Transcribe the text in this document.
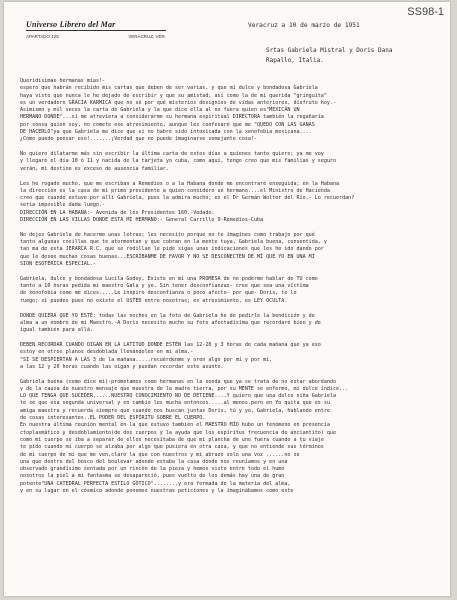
SS98-1
Universo Librero del Mar
APARTADO 125	VERACRUZ, VER.
Veracruz a 10 de marzo de 1951
Srtas Gabriela Mistral y Doris Dana
Rapallo, Italia.
Queridísimas hermanas mías!-
espero que habrán recibido mis cartas que deben de ser varias, y que mi dulce y bondadosa Gabriela
haya visto que nunca le he dejado de escribir y que su amistad, así como la de mi querida "gringuita"
es un verdadero GRACIA KARMICA que no sé por qué misterios designios de vidas anteriores, disfruto hoy.-
Asimismo y mil veces la carta de Gabriela y la que dice ella al no fuera quien es"MEXICAN UN
HERMANO DONDE"...si me atreviera a considerarme su hermana espiritual DIRECTORA también la regañaría
por sonsa quien soy, no comete ese atrevimiento, aunque les confesaré que me "QUEDO CON LAS GANAS
DE HACERLO"ya que Gabriela me dice que si no habré sido intoxicada con la xenofobia mexicana....
¿Cómo puede pensar eso!.......¡Verdad que no puede imaginarse semejante cosa!-
No quiero dilatarme más sin escribir la última carta de estos días a quienes tanto quiero; ya me voy
y llegaré el día 10 ó 11 y nacida de la tarjeta yo cuba, como aquí, tengo creo que mis familias y seguro
verán, mi destino es exceso de ausencia familiar.
Les he rogado mucho, que me escriban a Remedios o a la Habana donde me encontraré enseguida; en la Habana
la dirección es la casa de mi primo presidente a quien considero un hermano....el Ministro de Hacienda
creo que cuando estuve por allí Gabriela, pues la admira mucho; es el Dr Germán Wolter del Río.- Lo recuerdan?
sería imposible dada luego.-
DIRECCIÓN EN LA HABANA:- Avenida de los Presidentes 160.-Vedado.
DIRECCIÓN EN LAS VILLAS DONDE ESTA MI HERMANO:- General Carrillo 9-Remedios-Cuba
No dejes Gabriela de hacerme unas letras; les necesito porque no te imagines como trabajo por qué
tanto algunas cosillas que te atormentan y que cobran en la mente tuya, Gabriela buena, consentida, y
tan ma de esta JERARCA R.C. que se rodillan le pide sigas unas indicaciones que les he ido dando por
que le desee muchas cosas buenas...ESCRÍBANME DE FAVOR Y NO SE DESCONECTEN DE MÍ QUE YO EN UNA MÍ
SION ESOTÉRICA ESPECIAL.-
Gabriela, dulce y bondadosa Lucila Godoy, Existe en mí una PROMESA de no poderme hablar de TU como
tanto a 10 horas pedida mi maestro Gala y yo. Sin tener desconfianzas- cree que sea una víctima
de xenofobia como me dices.....Le inspiro desconfianza o poco afecto- por qué- Doris, te lo
ruego; si puedes pues no existe el USTED entre nosotras; es atrevimiento, es LEY OCULTA.
DONDE QUIERA QUE YO ESTÉ: todas las noches en la foto de Gabriela he de pedirle la bendición y de
alma a un nombre de mi Maestro.-A Doris necesito mucho su foto afectadísima que recordaré bien y de
igual también para allá.
DEBEN RECORDAR CUANDO OIGAN EN LA LATITUD DONDE ESTÉN las 12-20 y 3 horas de cada mañana que ya eso
estoy en otros planos desdoblada llenándoles en mi alma.-
"SI SE DESPIERTAN A LAS 3 de la mañana.....recuérdenme y oren algo por mí y por mí,
a las 12 y 20 horas cuando las oigan y puedan recordar este asunto.
Gabriela buena (como dice mi)-prometamos como hermanas en la senda que ya se trata de no estar abordando
y de la causa de nuestro mensaje que muestra de la madre tierra, por su MENTE se enfermó, mi dulce índice...
LO QUE TENGA QUE SUCEDER......NUESTRO CONOCIMIENTO NO DE DETIENE....Y quiero que una dulce niña Gabriela
te sé que esa segunda universal y en cambio les mucha entonces.....al menos.pero en Yo quita que es su
amiga maestra y recuerda siempre que cuando nos buscan juntas Doris, tú y yo, Gabriela, hablando entre
de cosas interesantes..EL PODER DEL ESPÍRITU SOBRE EL CUERPO.
En nuestra última reunión mental en la que estuvo también el MAESTRO MÍO hubo un fenómeno en presencia
ctoplasmático y desdoblamiento(de dos cuerpos y la ayuda que los espíritus frecuencia de anciantito) que
como mi cuerpo se iba a separar de ellos necesitaba de que mi plancha de uno fuera cuando a tu viaje
te pido cuando mi cuerpo se alzaba por algo que pusiera en otra casa, y que no entiende sus términos
de mi cuerpo de mí que me ven,claro la que con nuestros y mi abrazo solo una voz ......no se
una que dentro del bosco del boulevar adonde estaba la casa donde nos reuníamos y en una
observado grandísimo sentada por un rincón de la pieza y hemos visto entre todo el humo
nosotros la piel a mi fantasma se desapareció, pues vuelto de los demás hay una de gran
potente"UNA CATEDRAL PERFECTA ESTILO GÓTICO"........y era formada de la materia del alma,
y en su lugar en el cósmico adonde ponemos nuestras peticiones y la imaginábamos como este
